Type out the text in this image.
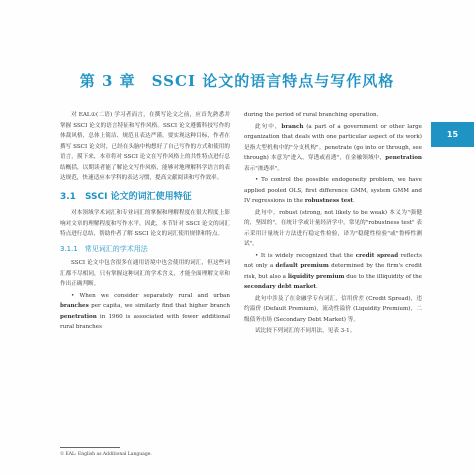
第 3 章　SSCI 论文的语言特点与写作风格
15

对 EAL①(二语) 学习者而言，在撰写论文之前，应首先熟悉并掌握 SSCI 论文的语言特征和写作风格。SSCI 论文遵循科技写作的体裁风格，总体上简洁、规范且表达严谨。要实现这种目标，作者在撰写 SSCI 论文时，已经在头脑中构想好了自己写作的方式和使用的语言，摸下来，本章将对 SSCI 论文在写作风格上的共性特点进行总结概括，以期读者能了解论文写作风格，能够对地理解科学语言的表达规范，快速适应本学科的表达习惯，提高文献阅读和写作效率。

3.1　SSCI 论文的词汇使用特征

对本领域学术词汇和专业词汇的掌握和理解程度在很大程度上影响对文章的理解程度和写作水平。因此，本节针对 SSCI 论文的词汇特点进行总结，帮助作者了解 SSCI 论文的词汇使用规律和特点。

3.1.1　常见词汇的学术用法

SSCI 论文中包含很多在通用语境中也会使用的词汇，但这些词汇都不尽相同，只有掌握这种词汇的学术含义，才能全面理解文章和作出正确判断。

• When we consider separately rural and urban branches per capita, we similarly find that higher branch penetration in 1960 is associated with fewer additional rural branches

during the period of rural branching operation.

此句中，branch (a part of a government or other large organization that deals with one particular aspect of its work) 是指大型机构中的"分支机构"。penetrate (go into or through, see through) 本意为"进入，穿透或看透"，在金融领域中，penetration 表示"渗透率"。

• To control the possible endogeneity problem, we have applied pooled OLS, first difference GMM, system GMM and IV regressions in the robustness test.

此句中，robust (strong, not likely to be weak) 本义为"强健的，坚固的"，在统计学或计量经济学中，常见的"robustness test" 表示采用计量统计方法进行稳定性检验，译为"稳健性检验"或"鲁棒性测试"。

• It is widely recognized that the credit spread reflects not only a default premium determined by the firm's credit risk, but also a liquidity premium due to the illiquidity of the secondary debt market.

此句中涉及了在金融学专有词汇，信用价差 (Credit Spread)，违约溢价 (Default Premium)，流动性溢价 (Liquidity Premium)，二级债务市场 (Secondary Debt Market) 等。

试比较下列词汇的不同用法，见表 3-1。

① EAL: English as Additional Language.
